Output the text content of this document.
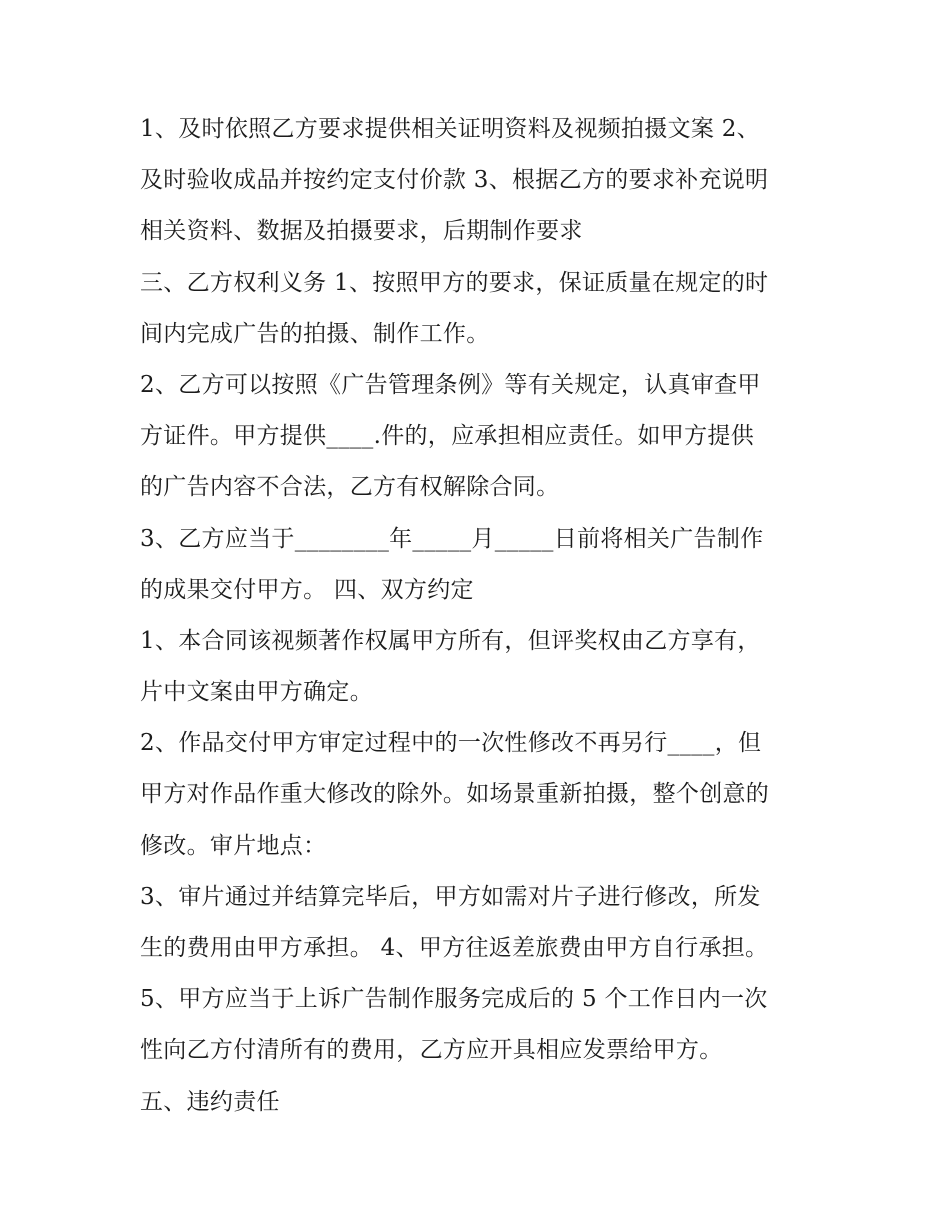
1、及时依照乙方要求提供相关证明资料及视频拍摄文案 2、
及时验收成品并按约定支付价款 3、根据乙方的要求补充说明
相关资料、数据及拍摄要求，后期制作要求
三、乙方权利义务 1、按照甲方的要求，保证质量在规定的时
间内完成广告的拍摄、制作工作。
2、乙方可以按照《广告管理条例》等有关规定，认真审查甲
方证件。甲方提供____.件的，应承担相应责任。如甲方提供
的广告内容不合法，乙方有权解除合同。
3、乙方应当于________年_____月_____日前将相关广告制作
的成果交付甲方。 四、双方约定
1、本合同该视频著作权属甲方所有，但评奖权由乙方享有，
片中文案由甲方确定。
2、作品交付甲方审定过程中的一次性修改不再另行____，但
甲方对作品作重大修改的除外。如场景重新拍摄，整个创意的
修改。审片地点：
3、审片通过并结算完毕后，甲方如需对片子进行修改，所发
生的费用由甲方承担。 4、甲方往返差旅费由甲方自行承担。
5、甲方应当于上诉广告制作服务完成后的 5 个工作日内一次
性向乙方付清所有的费用，乙方应开具相应发票给甲方。
五、违约责任
